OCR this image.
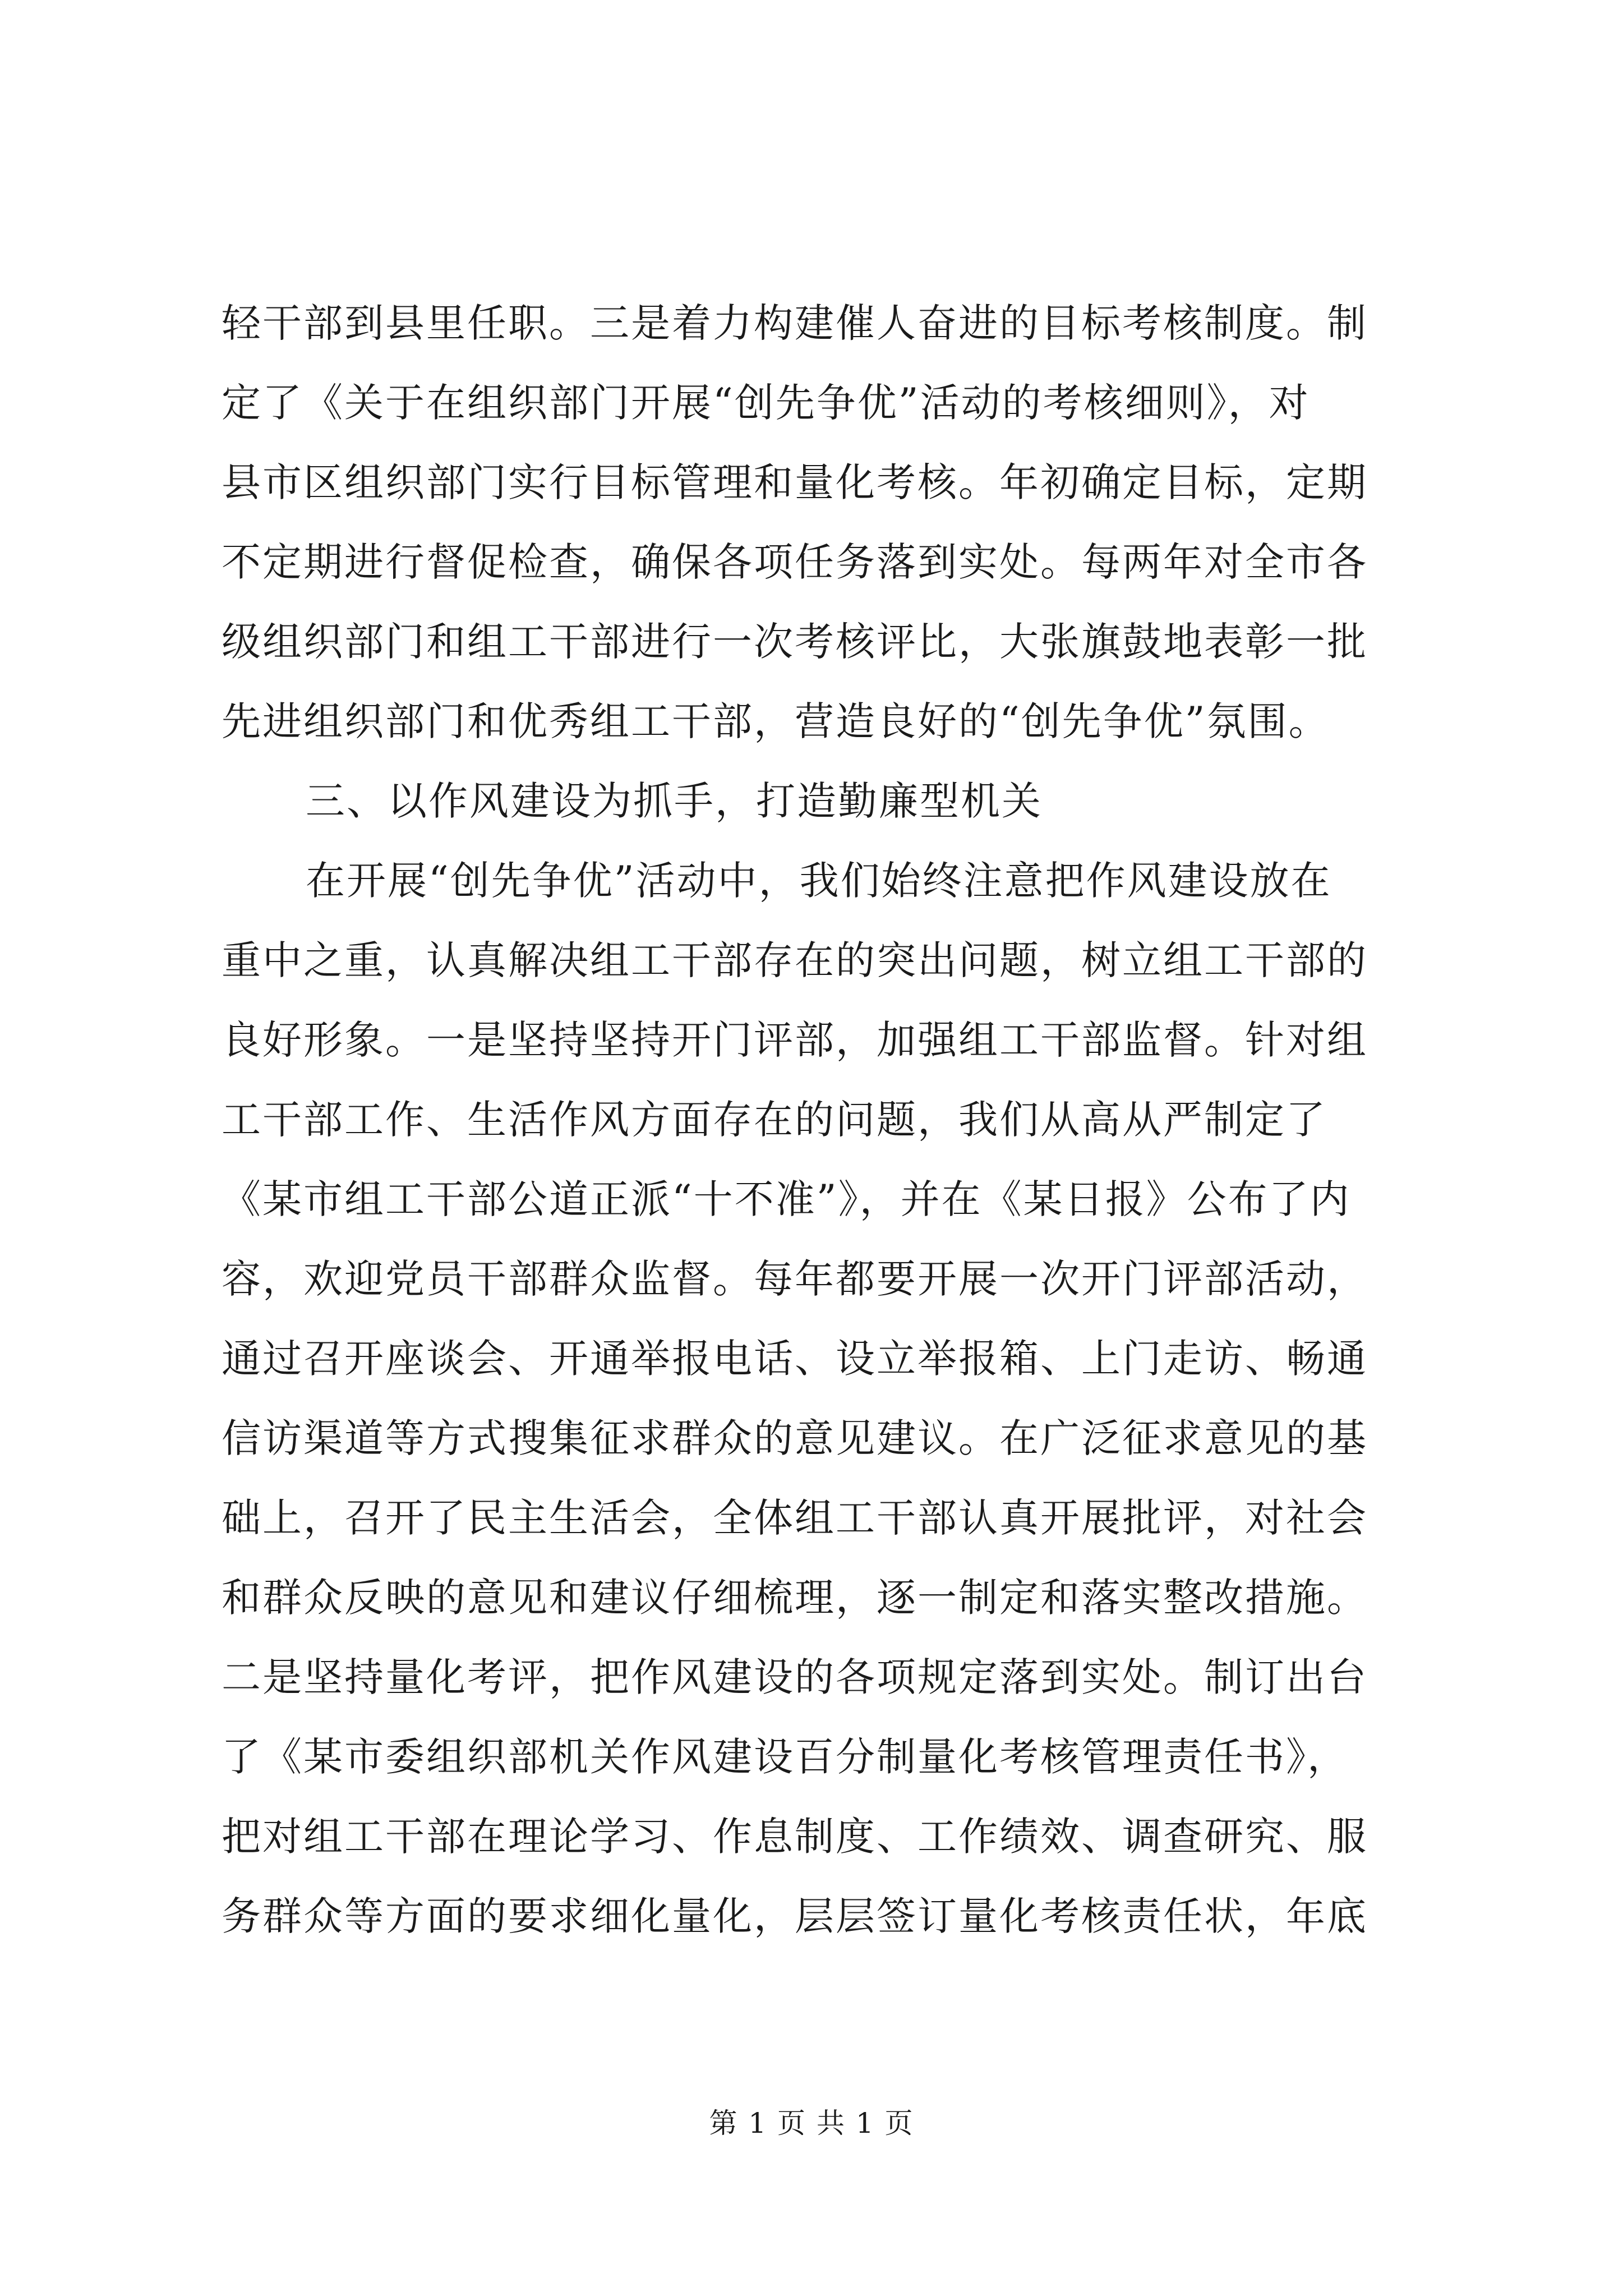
轻干部到县里任职。三是着力构建催人奋进的目标考核制度。制
定了《关于在组织部门开展“创先争优”活动的考核细则》，对
县市区组织部门实行目标管理和量化考核。年初确定目标，定期
不定期进行督促检查，确保各项任务落到实处。每两年对全市各
级组织部门和组工干部进行一次考核评比，大张旗鼓地表彰一批
先进组织部门和优秀组工干部，营造良好的“创先争优”氛围。
三、以作风建设为抓手，打造勤廉型机关
在开展“创先争优”活动中，我们始终注意把作风建设放在
重中之重，认真解决组工干部存在的突出问题，树立组工干部的
良好形象。一是坚持坚持开门评部，加强组工干部监督。针对组
工干部工作、生活作风方面存在的问题，我们从高从严制定了
《某市组工干部公道正派“十不准”》，并在《某日报》公布了内
容，欢迎党员干部群众监督。每年都要开展一次开门评部活动，
通过召开座谈会、开通举报电话、设立举报箱、上门走访、畅通
信访渠道等方式搜集征求群众的意见建议。在广泛征求意见的基
础上，召开了民主生活会，全体组工干部认真开展批评，对社会
和群众反映的意见和建议仔细梳理，逐一制定和落实整改措施。
二是坚持量化考评，把作风建设的各项规定落到实处。制订出台
了《某市委组织部机关作风建设百分制量化考核管理责任书》，
把对组工干部在理论学习、作息制度、工作绩效、调查研究、服
务群众等方面的要求细化量化，层层签订量化考核责任状，年底
第 1 页 共 1 页
